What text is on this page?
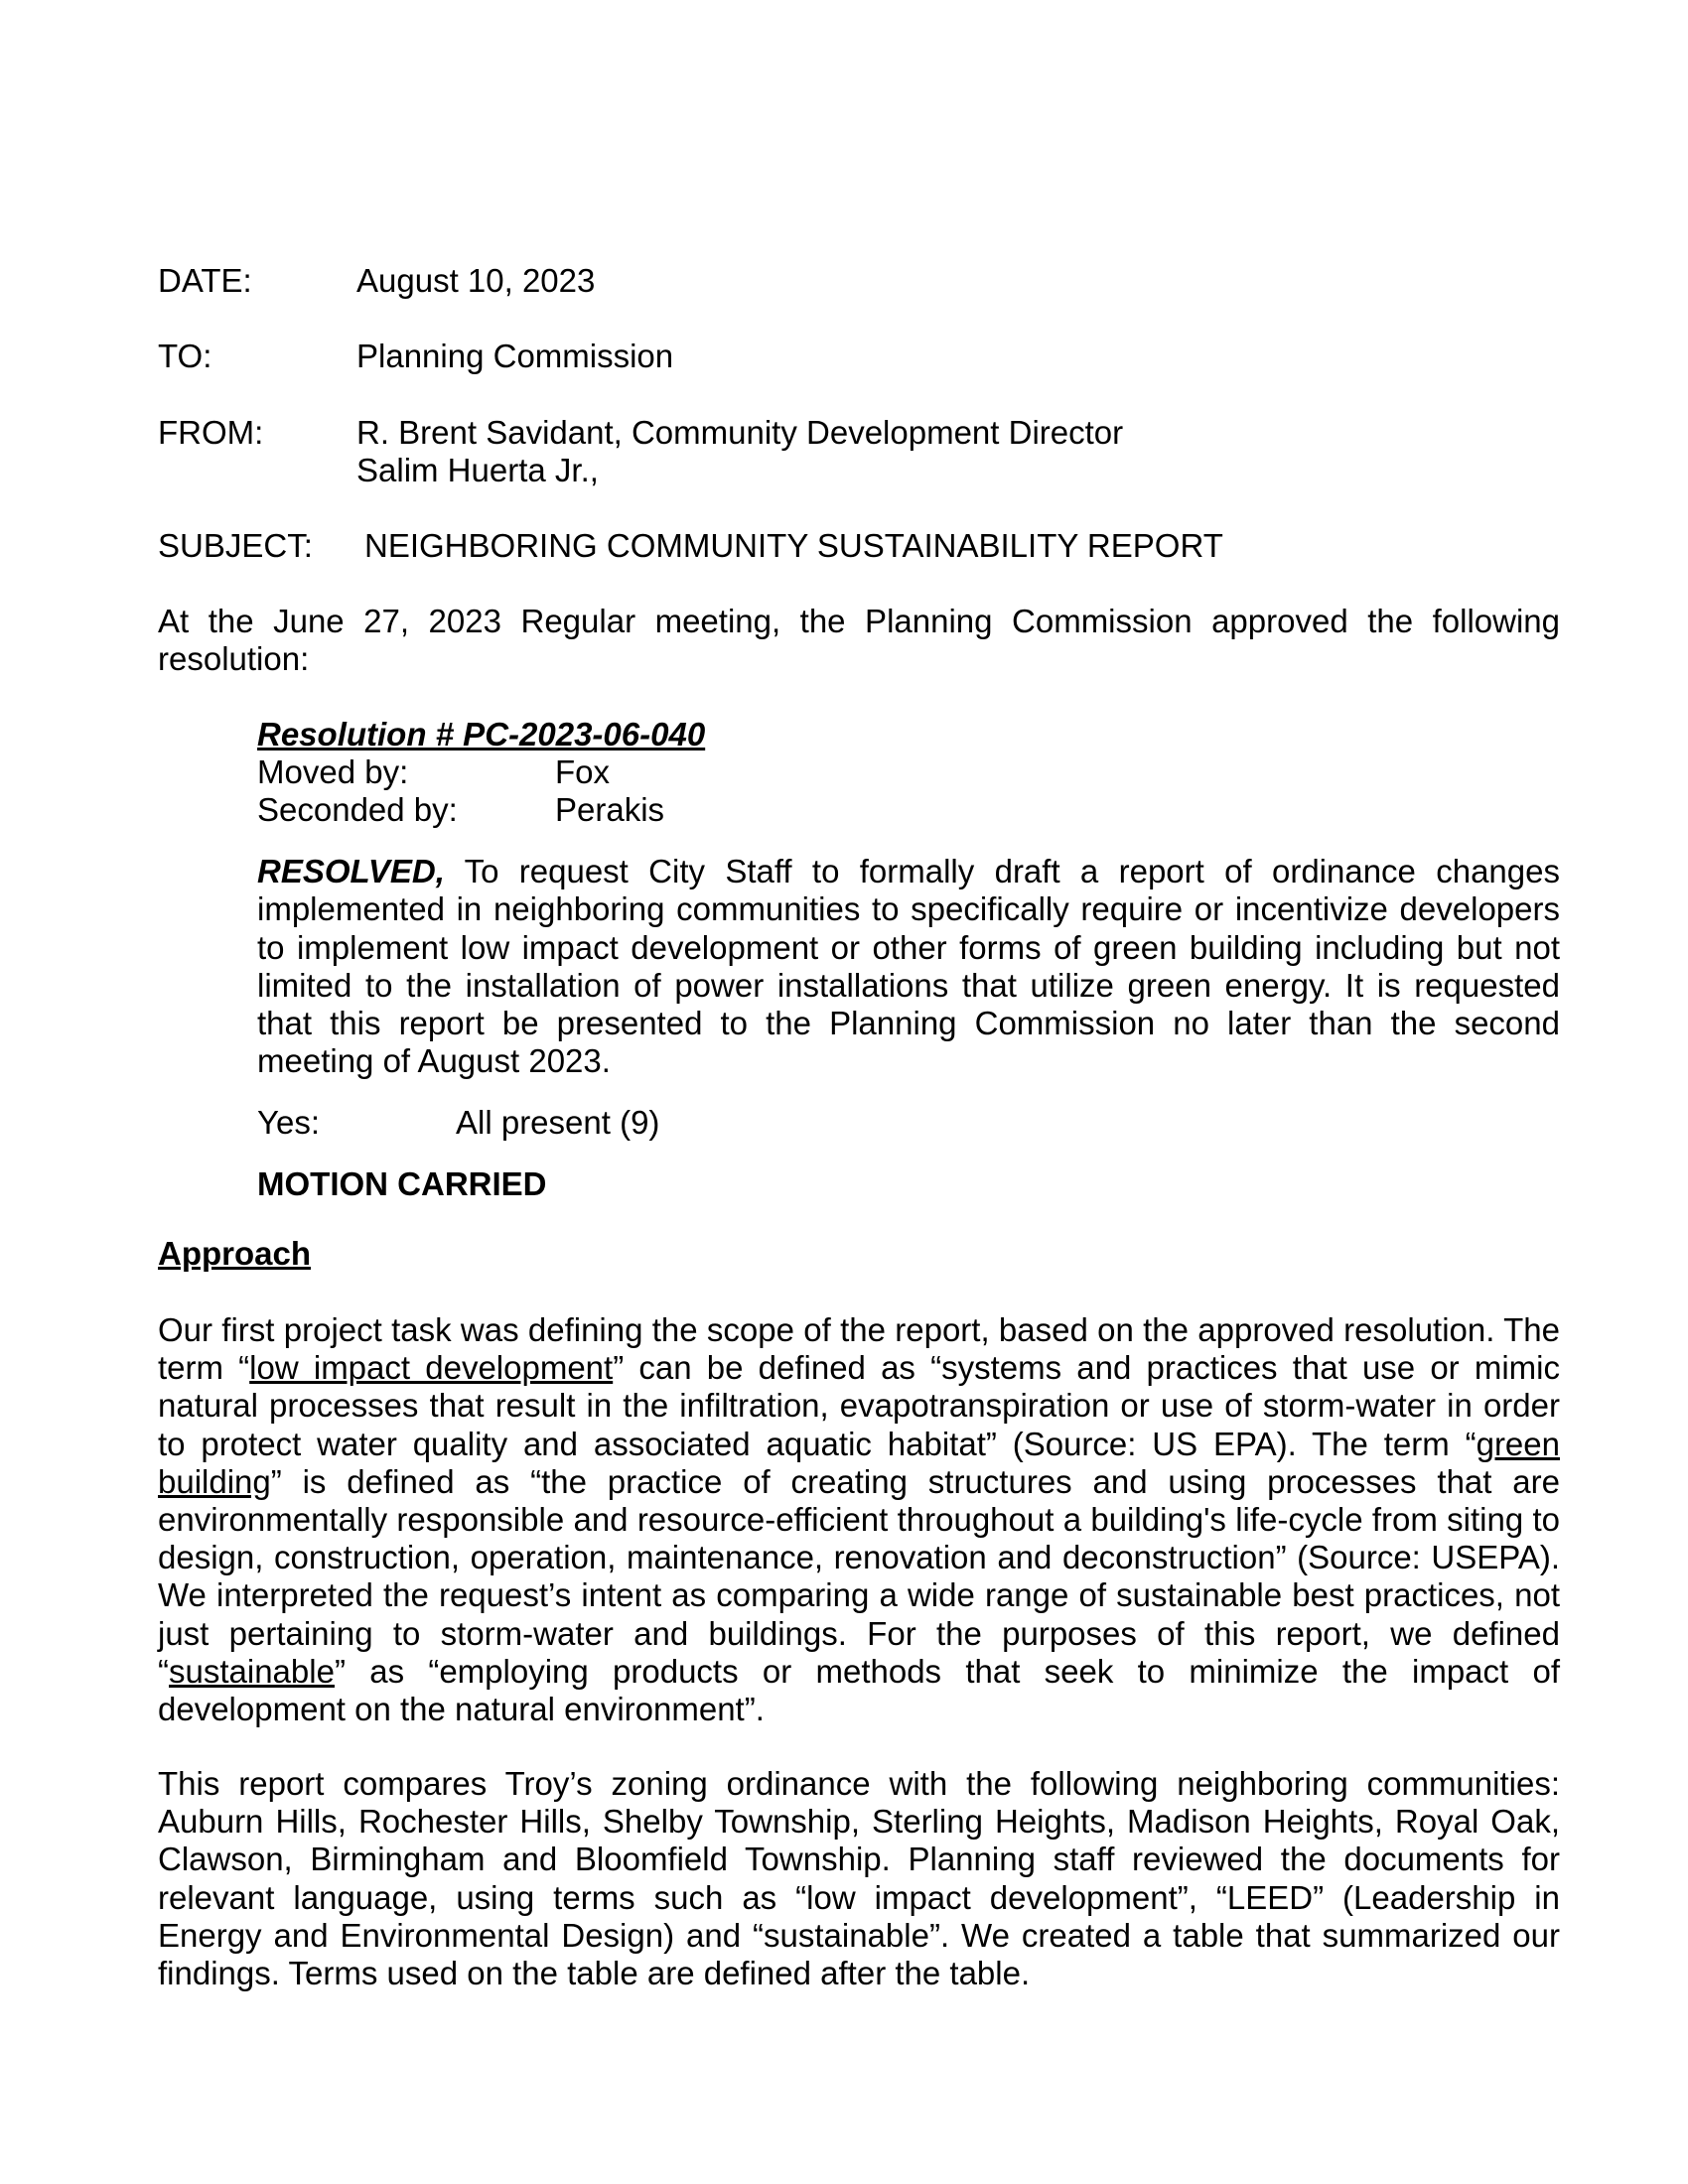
DATE:	August 10, 2023
TO:	Planning Commission
FROM:	R. Brent Savidant, Community Development Director
Salim Huerta Jr.,
SUBJECT: NEIGHBORING COMMUNITY SUSTAINABILITY REPORT

At the June 27, 2023 Regular meeting, the Planning Commission approved the following resolution:

Resolution # PC-2023-06-040
Moved by:	Fox
Seconded by:	Perakis

RESOLVED, To request City Staff to formally draft a report of ordinance changes implemented in neighboring communities to specifically require or incentivize developers to implement low impact development or other forms of green building including but not limited to the installation of power installations that utilize green energy. It is requested that this report be presented to the Planning Commission no later than the second meeting of August 2023.

Yes:	All present (9)
MOTION CARRIED
Approach

Our first project task was defining the scope of the report, based on the approved resolution. The term “low impact development” can be defined as “systems and practices that use or mimic natural processes that result in the infiltration, evapotranspiration or use of storm-water in order to protect water quality and associated aquatic habitat” (Source: US EPA). The term “green building” is defined as “the practice of creating structures and using processes that are environmentally responsible and resource-efficient throughout a building's life-cycle from siting to design, construction, operation, maintenance, renovation and deconstruction” (Source: USEPA). We interpreted the request’s intent as comparing a wide range of sustainable best practices, not just pertaining to storm-water and buildings. For the purposes of this report, we defined “sustainable” as “employing products or methods that seek to minimize the impact of development on the natural environment”.

This report compares Troy’s zoning ordinance with the following neighboring communities: Auburn Hills, Rochester Hills, Shelby Township, Sterling Heights, Madison Heights, Royal Oak, Clawson, Birmingham and Bloomfield Township. Planning staff reviewed the documents for relevant language, using terms such as “low impact development”, “LEED” (Leadership in Energy and Environmental Design) and “sustainable”. We created a table that summarized our findings. Terms used on the table are defined after the table.
